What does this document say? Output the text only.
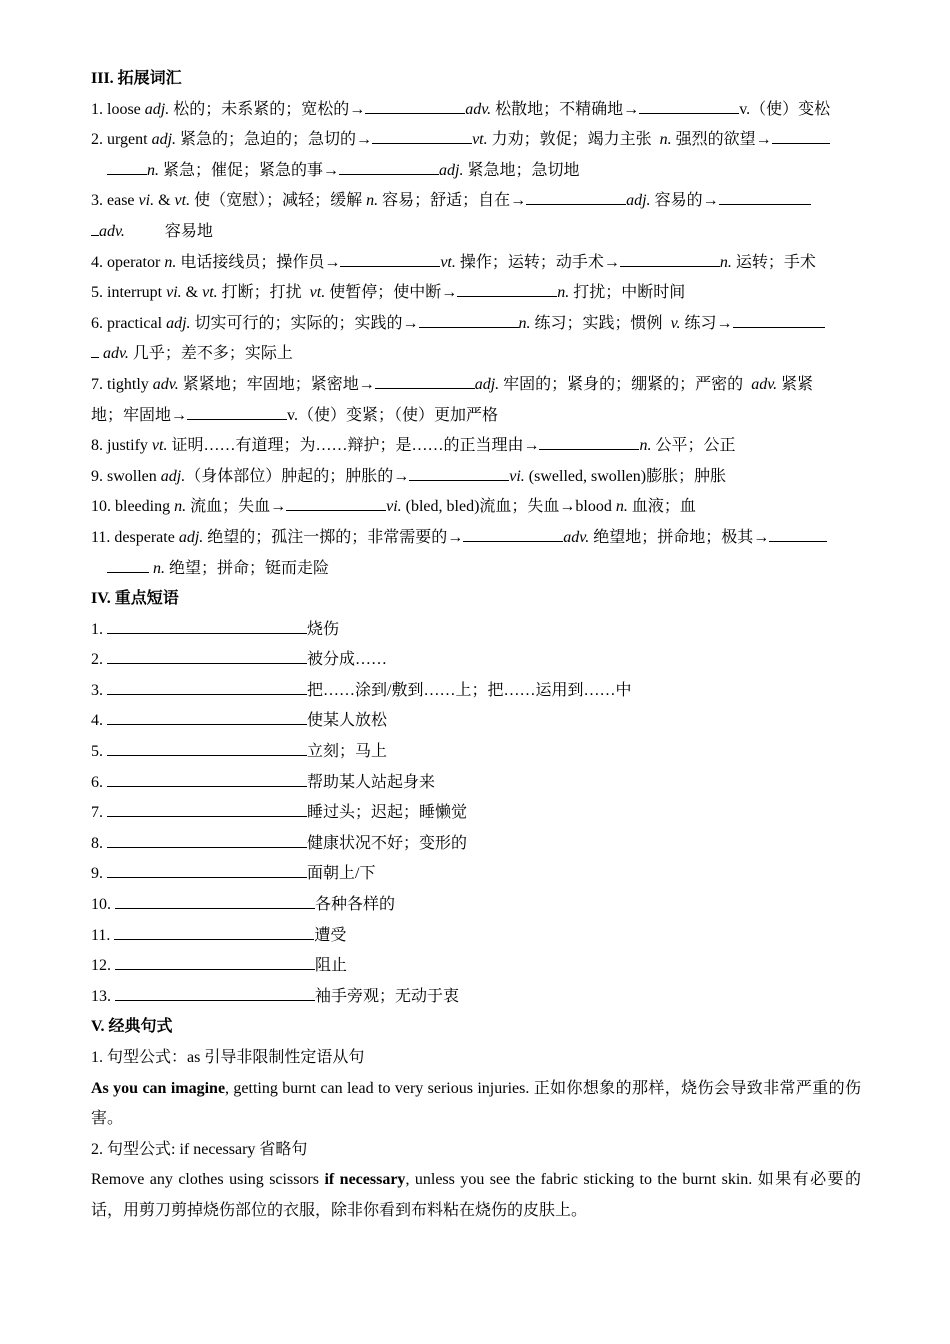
III. 拓展词汇
1. loose adj. 松的；未系紧的；宽松的→	adv. 松散地；不精确地→	v.（使）变松
2. urgent adj. 紧急的；急迫的；急切的→	vt. 力劝；敦促；竭力主张 n. 强烈的欲望→
n. 紧急；催促；紧急的事→	adj. 紧急地；急切地
3. ease vi. & vt. 使（宽慰）；减轻；缓解 n. 容易；舒适；自在→	adj. 容易的→
adv.	容易地
4. operator n. 电话接线员；操作员→	vt. 操作；运转；动手术→	n. 运转；手术
5. interrupt vi. & vt. 打断；打扰 vt. 使暂停；使中断→	n. 打扰；中断时间
6. practical adj. 切实可行的；实际的；实践的→	n. 练习；实践；惯例 v. 练习→
adv. 几乎；差不多；实际上
7. tightly adv. 紧紧地；牢固地；紧密地→	adj. 牢固的；紧身的；绷紧的；严密的 adv. 紧紧
地；牢固地→	v.（使）变紧；（使）更加严格
8. justify vt. 证明……有道理；为……辩护；是……的正当理由→	n. 公平；公正
9. swollen adj.（身体部位）肿起的；肿胀的→	vi. (swelled, swollen)膨胀；肿胀
10. bleeding n. 流血；失血→	vi. (bled, bled)流血；失血→blood n. 血液；血
11. desperate adj. 绝望的；孤注一掷的；非常需要的→	adv. 绝望地；拼命地；极其→
n. 绝望；拼命；铤而走险
IV. 重点短语
1.	烧伤
2.	被分成……
3.	把……涂到/敷到……上；把……运用到……中
4.	使某人放松
5.	立刻；马上
6.	帮助某人站起身来
7.	睡过头；迟起；睡懒觉
8.	健康状况不好；变形的
9.	面朝上/下
10.	各种各样的
11.	遭受
12.	阻止
13.	袖手旁观；无动于衷
V. 经典句式
1. 句型公式：as 引导非限制性定语从句
As you can imagine, getting burnt can lead to very serious injuries. 正如你想象的那样，烧伤会导致非常严重的伤害。
2. 句型公式: if necessary 省略句
Remove any clothes using scissors if necessary, unless you see the fabric sticking to the burnt skin. 如果有必要的话，用剪刀剪掉烧伤部位的衣服，除非你看到布料粘在烧伤的皮肤上。
